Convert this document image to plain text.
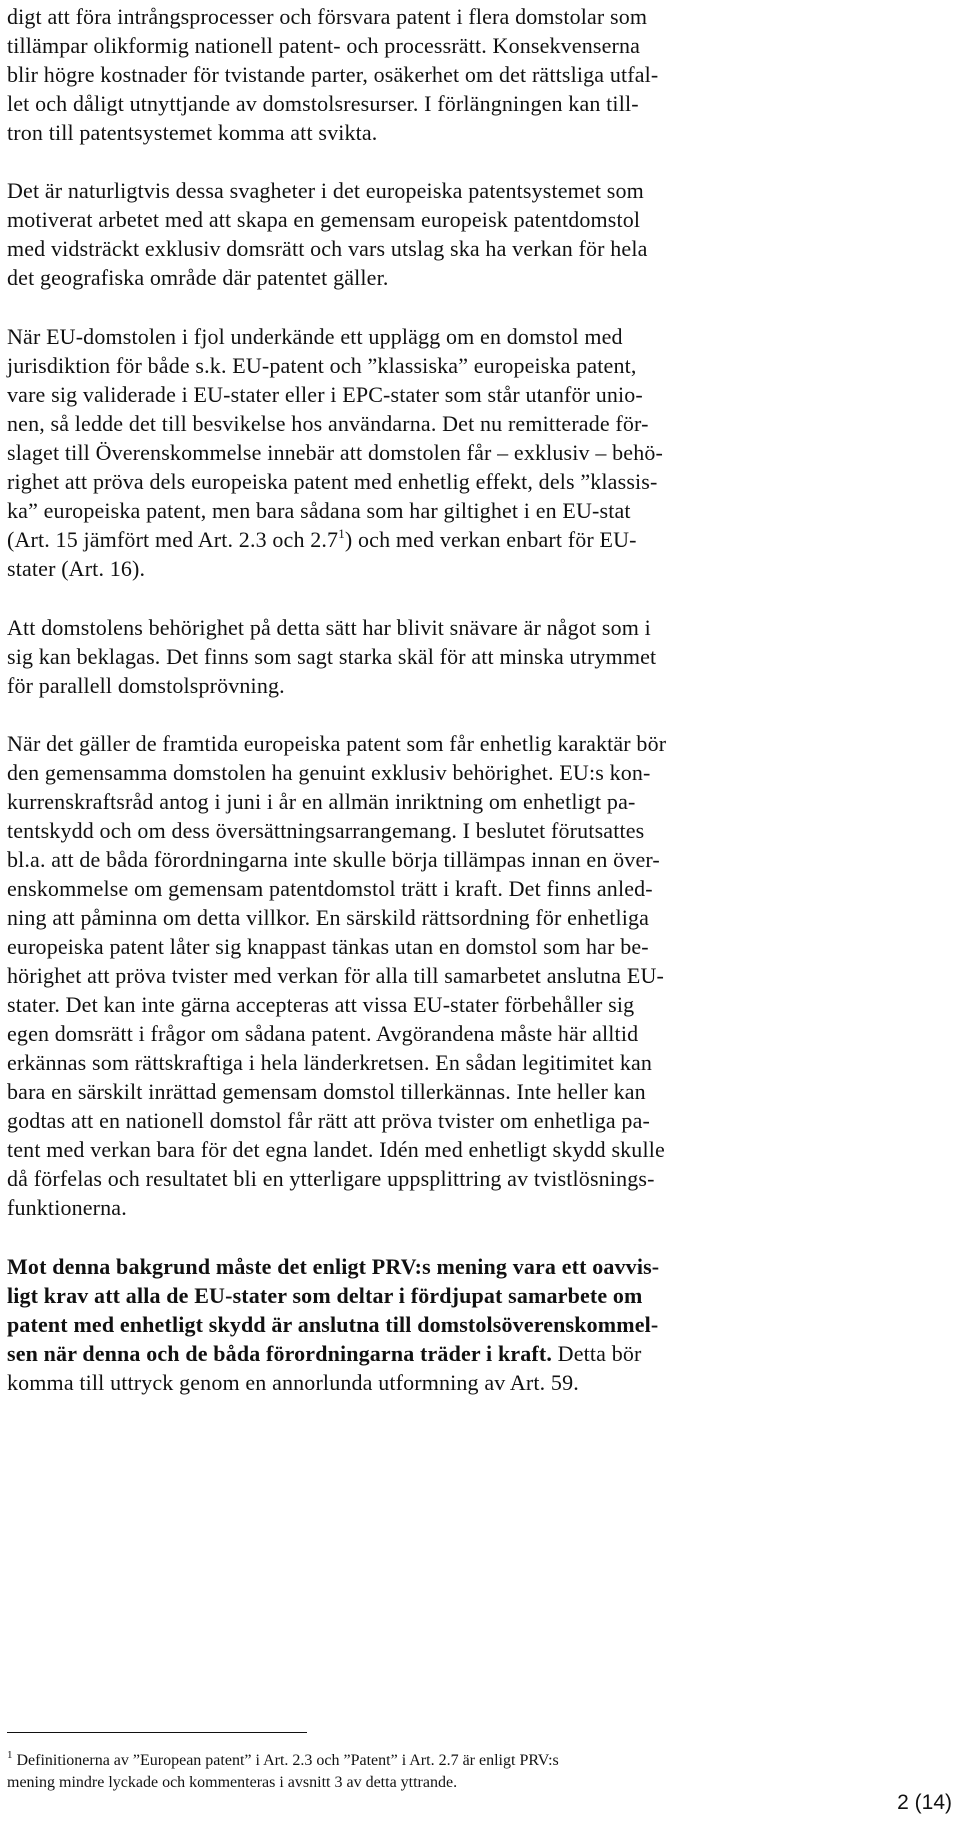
digt att föra intrångsprocesser och försvara patent i flera domstolar som
tillämpar olikformig nationell patent- och processrätt. Konsekvenserna
blir högre kostnader för tvistande parter, osäkerhet om det rättsliga utfal-
let och dåligt utnyttjande av domstolsresurser. I förlängningen kan till-
tron till patentsystemet komma att svikta.
Det är naturligtvis dessa svagheter i det europeiska patentsystemet som
motiverat arbetet med att skapa en gemensam europeisk patentdomstol
med vidsträckt exklusiv domsrätt och vars utslag ska ha verkan för hela
det geografiska område där patentet gäller.
När EU-domstolen i fjol underkände ett upplägg om en domstol med
jurisdiktion för både s.k. EU-patent och ”klassiska” europeiska patent,
vare sig validerade i EU-stater eller i EPC-stater som står utanför unio-
nen, så ledde det till besvikelse hos användarna. Det nu remitterade för-
slaget till Överenskommelse innebär att domstolen får – exklusiv – behö-
righet att pröva dels europeiska patent med enhetlig effekt, dels ”klassis-
ka” europeiska patent, men bara sådana som har giltighet i en EU-stat
(Art. 15 jämfört med Art. 2.3 och 2.7$^1$) och med verkan enbart för EU-
stater (Art. 16).
Att domstolens behörighet på detta sätt har blivit snävare är något som i
sig kan beklagas. Det finns som sagt starka skäl för att minska utrymmet
för parallell domstolsprövning.
När det gäller de framtida europeiska patent som får enhetlig karaktär bör
den gemensamma domstolen ha genuint exklusiv behörighet. EU:s kon-
kurrenskraftsråd antog i juni i år en allmän inriktning om enhetligt pa-
tentskydd och om dess översättningsarrangemang. I beslutet förutsattes
bl.a. att de båda förordningarna inte skulle börja tillämpas innan en över-
enskommelse om gemensam patentdomstol trätt i kraft. Det finns anled-
ning att påminna om detta villkor. En särskild rättsordning för enhetliga
europeiska patent låter sig knappast tänkas utan en domstol som har be-
hörighet att pröva tvister med verkan för alla till samarbetet anslutna EU-
stater. Det kan inte gärna accepteras att vissa EU-stater förbehåller sig
egen domsrätt i frågor om sådana patent. Avgörandena måste här alltid
erkännas som rättskraftiga i hela länderkretsen. En sådan legitimitet kan
bara en särskilt inrättad gemensam domstol tillerkännas. Inte heller kan
godtas att en nationell domstol får rätt att pröva tvister om enhetliga pa-
tent med verkan bara för det egna landet. Idén med enhetligt skydd skulle
då förfelas och resultatet bli en ytterligare uppsplittring av tvistlösnings-
funktionerna.
Mot denna bakgrund måste det enligt PRV:s mening vara ett oavvis-
ligt krav att alla de EU-stater som deltar i fördjupat samarbete om
patent med enhetligt skydd är anslutna till domstolsöverenskommel-
sen när denna och de båda förordningarna träder i kraft. Detta bör
komma till uttryck genom en annorlunda utformning av Art. 59.
$^1$ Definitionerna av ”European patent” i Art. 2.3 och ”Patent” i Art. 2.7 är enligt PRV:s
mening mindre lyckade och kommenteras i avsnitt 3 av detta yttrande.
2 (14)
